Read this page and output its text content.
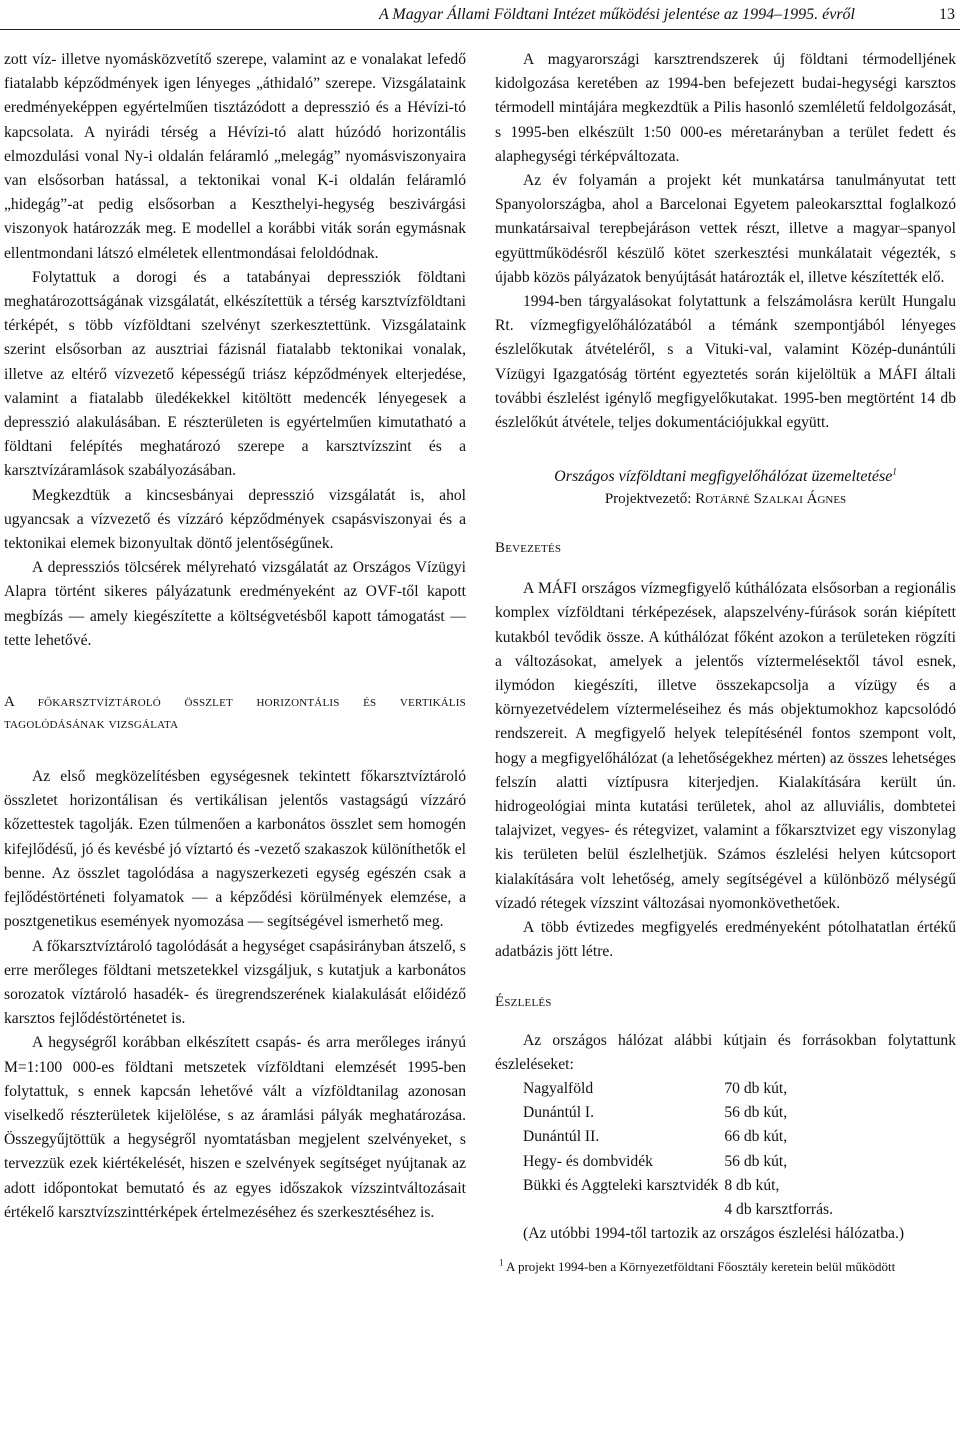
A Magyar Állami Földtani Intézet működési jelentése az 1994–1995. évről	13

zott víz- illetve nyomásközvetítő szerepe, valamint az e vonalakat lefedő fiatalabb képződmények igen lényeges „áthidaló” szerepe. Vizsgálataink eredményeképpen egyértelműen tisztázódott a depresszió és a Hévízi-tó kapcsolata. A nyirádi térség a Hévízi-tó alatt húzódó horizontális elmozdulási vonal Ny-i oldalán feláramló „melegág” nyomásviszonyaira van elsősorban hatással, a tektonikai vonal K-i oldalán feláramló „hidegág”-at pedig elsősorban a Keszthelyi-hegység beszivárgási viszonyok határozzák meg. E modellel a korábbi viták során egymásnak ellentmondani látszó elméletek ellentmondásai feloldódnak.

Folytattuk a dorogi és a tatabányai depressziók földtani meghatározottságának vizsgálatát, elkészítettük a térség karsztvízföldtani térképét, s több vízföldtani szelvényt szerkesztettünk. Vizsgálataink szerint elsősorban az ausztriai fázisnál fiatalabb tektonikai vonalak, illetve az eltérő vízvezető képességű triász képződmények elterjedése, valamint a fiatalabb üledékekkel kitöltött medencék lényegesek a depresszió alakulásában. E részterületen is egyértelműen kimutatható a földtani felépítés meghatározó szerepe a karsztvízszint és a karsztvízáramlások szabályozásában.

Megkezdtük a kincsesbányai depresszió vizsgálatát is, ahol ugyancsak a vízvezető és vízzáró képződmények csapásviszonyai és a tektonikai elemek bizonyultak döntő jelentőségűnek.

A depressziós tölcsérek mélyreható vizsgálatát az Országos Vízügyi Alapra történt sikeres pályázatunk eredményeként az OVF-től kapott megbízás — amely kiegészítette a költségvetésből kapott támogatást — tette lehetővé.

A főkarsztvíztároló összlet horizontális és vertikális tagolódásának vizsgálata

Az első megközelítésben egységesnek tekintett főkarsztvíztároló összletet horizontálisan és vertikálisan jelentős vastagságú vízzáró kőzettestek tagolják. Ezen túlmenően a karbonátos összlet sem homogén kifejlődésű, jó és kevésbé jó víztartó és -vezető szakaszok különíthetők el benne. Az összlet tagolódása a nagyszerkezeti egység egészén csak a fejlődéstörténeti folyamatok — a képződési körülmények elemzése, a posztgenetikus események nyomozása — segítségével ismerhető meg.

A főkarsztvíztároló tagolódását a hegységet csapásirányban átszelő, s erre merőleges földtani metszetekkel vizsgáljuk, s kutatjuk a karbonátos sorozatok víztároló hasadék- és üregrendszerének kialakulását előidéző karsztos fejlődéstörténetet is.

A hegységről korábban elkészített csapás- és arra merőleges irányú M=1:100 000-es földtani metszetek vízföldtani elemzését 1995-ben folytattuk, s ennek kapcsán lehetővé vált a vízföldtanilag azonosan viselkedő részterületek kijelölése, s az áramlási pályák meghatározása. Összegyűjtöttük a hegységről nyomtatásban megjelent szelvényeket, s tervezzük ezek kiértékelését, hiszen e szelvények segítséget nyújtanak az adott időpontokat bemutató és az egyes időszakok vízszintváltozásait értékelő karsztvízszinttérképek értelmezéséhez és szerkesztéséhez is.

A magyarországi karsztrendszerek új földtani térmodelljének kidolgozása keretében az 1994-ben befejezett budai-hegységi karsztos térmodell mintájára megkezdtük a Pilis hasonló szemléletű feldolgozását, s 1995-ben elkészült 1:50 000-es méretarányban a terület fedett és alaphegységi térképváltozata.

Az év folyamán a projekt két munkatársa tanulmányutat tett Spanyolországba, ahol a Barcelonai Egyetem paleokarszttal foglalkozó munkatársaival terepbejáráson vettek részt, illetve a magyar–spanyol együttműködésről készülő kötet szerkesztési munkálatait végezték, s újabb közös pályázatok benyújtását határozták el, illetve készítették elő.

1994-ben tárgyalásokat folytattunk a felszámolásra került Hungalu Rt. vízmegfigyelőhálózatából a témánk szempontjából lényeges észlelőkutak átvételéről, s a Vituki-val, valamint Közép-dunántúli Vízügyi Igazgatóság történt egyeztetés során kijelöltük a MÁFI általi további észlelést igénylő megfigyelőkutakat. 1995-ben megtörtént 14 db észlelőkút átvétele, teljes dokumentációjukkal együtt.

Országos vízföldtani megfigyelőhálózat üzemeltetése$^1$
Projektvezető: Rotárné Szalkai Ágnes

Bevezetés

A MÁFI országos vízmegfigyelő kúthálózata elsősorban a regionális komplex vízföldtani térképezések, alapszelvény-fúrások során kiépített kutakból tevődik össze. A kúthálózat főként azokon a területeken rögzíti a változásokat, amelyek a jelentős víztermelésektől távol esnek, ilymódon kiegészíti, illetve összekapcsolja a vízügy és a környezetvédelem víztermeléseihez és más objektumokhoz kapcsolódó rendszereit. A megfigyelő helyek telepítésénél fontos szempont volt, hogy a megfigyelőhálózat (a lehetőségekhez mérten) az összes lehetséges felszín alatti víztípusra kiterjedjen. Kialakítására került ún. hidrogeológiai minta kutatási területek, ahol az alluviális, dombtetei talajvizet, vegyes- és rétegvizet, valamint a főkarsztvizet egy viszonylag kis területen belül észlelhetjük. Számos észlelési helyen kútcsoport kialakítására volt lehetőség, amely segítségével a különböző mélységű vízadó rétegek vízszint változásai nyomonkövethetőek.

A több évtizedes megfigyelés eredményeként pótolhatatlan értékű adatbázis jött létre.

Észlelés

Az országos hálózat alábbi kútjain és forrásokban folytattunk észleléseket:

Nagyalföld	70 db kút,
Dunántúl I.	56 db kút,
Dunántúl II.	66 db kút,
Hegy- és dombvidék	56 db kút,
Bükki és Aggteleki karsztvidék	8 db kút,
	4 db karsztforrás.

(Az utóbbi 1994-től tartozik az országos észlelési hálózatba.)

$^1$ A projekt 1994-ben a Környezetföldtani Főosztály keretein belül működött
